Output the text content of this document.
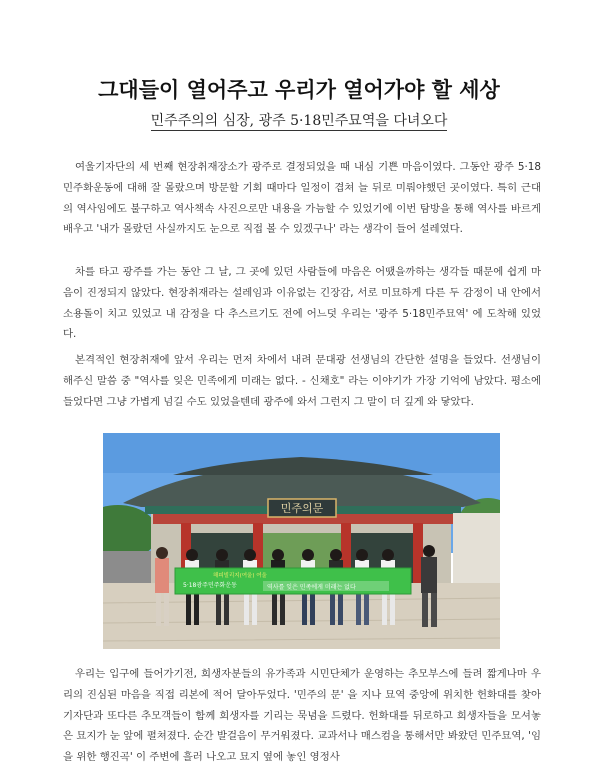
그대들이 열어주고 우리가 열어가야 할 세상
민주주의의 심장, 광주 5·18민주묘역을 다녀오다

여울기자단의 세 번째 현장취재장소가 광주로 결정되었을 때 내심 기쁜 마음이였다. 그동안 광주 5·18 민주화운동에 대해 잘 몰랐으며 방문할 기회 때마다 일정이 겹쳐 늘 뒤로 미뤄야했던 곳이였다. 특히 근대의 역사임에도 불구하고 역사책속 사진으로만 내용을 가늠할 수 있었기에 이번 탐방을 통해 역사를 바르게 배우고 '내가 몰랐던 사실까지도 눈으로 직접 볼 수 있겠구나' 라는 생각이 들어 설레였다.

차를 타고 광주를 가는 동안 그 날, 그 곳에 있던 사람들에 마음은 어땠을까하는 생각들 때문에 쉽게 마음이 진정되지 않았다. 현장취재라는 설레임과 이유없는 긴장감, 서로 미묘하게 다른 두 감정이 내 안에서 소용돌이 치고 있었고 내 감정을 다 추스르기도 전에 어느덧 우리는 '광주 5·18민주묘역' 에 도착해 있었다.

본격적인 현장취재에 앞서 우리는 먼저 차에서 내려 문대광 선생님의 간단한 설명을 들었다. 선생님이 해주신 말씀 중 "역사를 잊은 민족에게 미래는 없다. - 신채호" 라는 이야기가 가장 기억에 남았다. 평소에 들었다면 그냥 가볍게 넘길 수도 있었을텐데 광주에 와서 그런지 그 말이 더 깊게 와 닿았다.

민주의문
해피빌리지(여울) 여울
5·18광주민주화운동	역사를 잊은 민족에게 미래는 없다

우리는 입구에 들어가기전, 희생자분들의 유가족과 시민단체가 운영하는 추모부스에 들려 짧게나마 우리의 진심된 마음을 직접 리본에 적어 달아두었다. '민주의 문' 을 지나 묘역 중앙에 위치한 헌화대를 찾아 기자단과 또다른 추모객들이 함께 희생자를 기리는 묵념을 드렸다. 헌화대를 뒤로하고 희생자들을 모셔놓은 묘지가 눈 앞에 펼쳐졌다. 순간 발걸음이 무거워졌다. 교과서나 매스컴을 통해서만 봐왔던 민주묘역, '임을 위한 행진곡' 이 주변에 흘러 나오고 묘지 옆에 놓인 영정사
